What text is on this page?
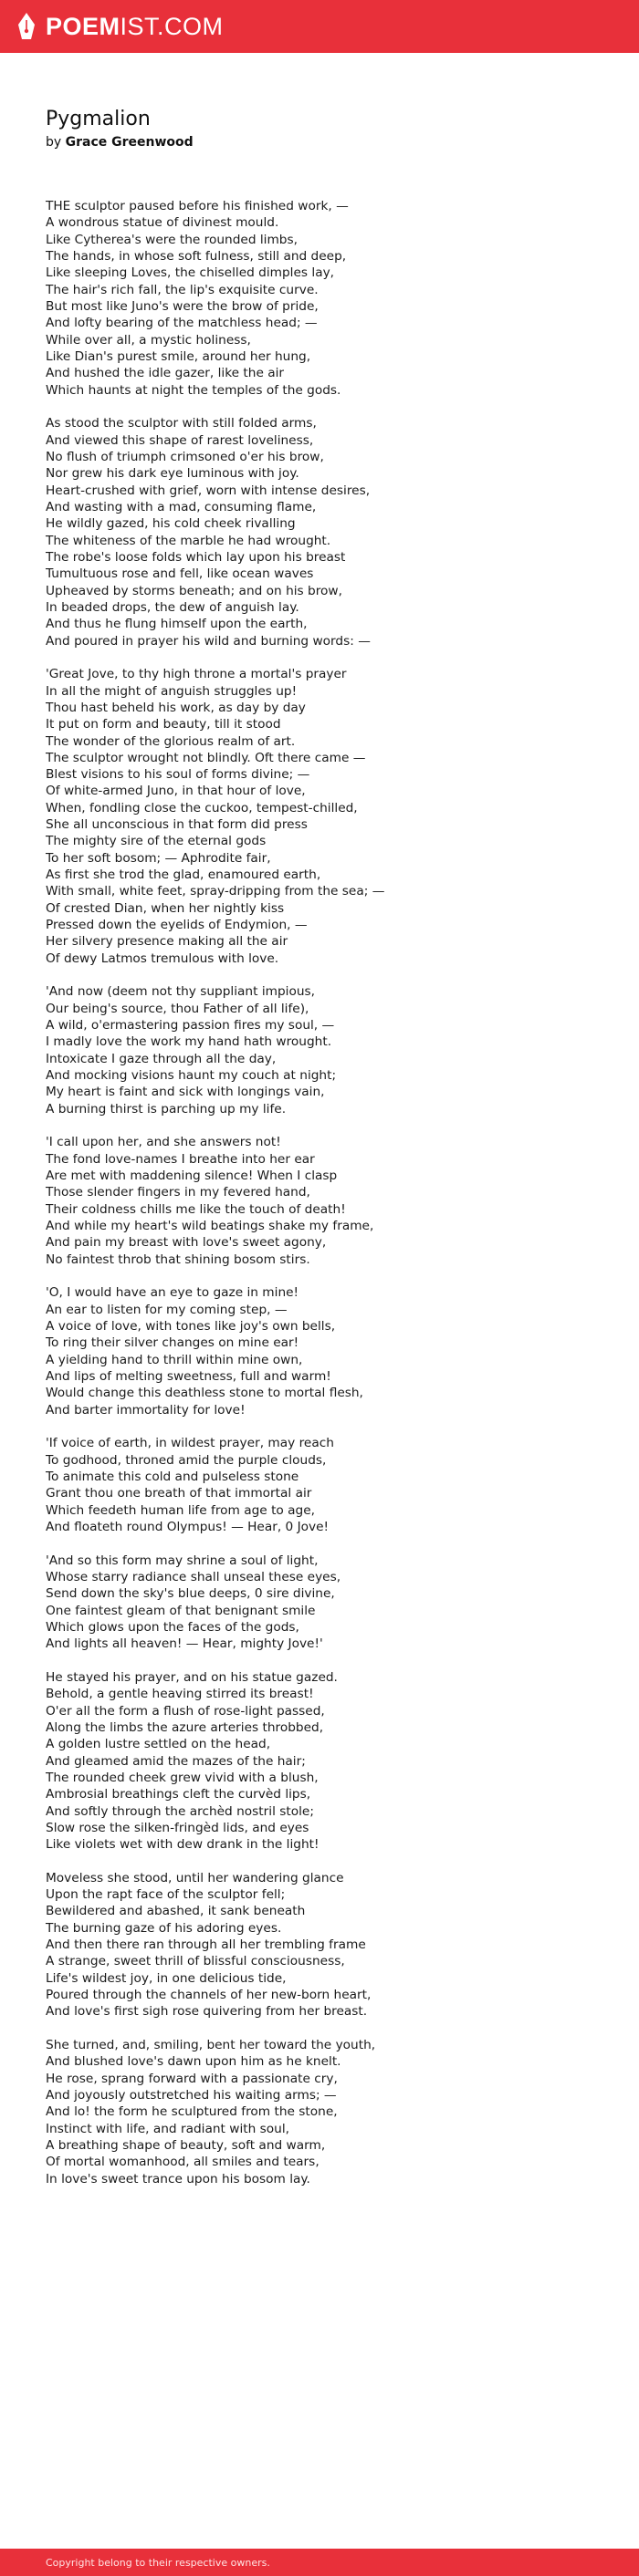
POEMIST.COM
Pygmalion
by Grace Greenwood
THE sculptor paused before his finished work, —
A wondrous statue of divinest mould.
Like Cytherea's were the rounded limbs,
The hands, in whose soft fulness, still and deep,
Like sleeping Loves, the chiselled dimples lay,
The hair's rich fall, the lip's exquisite curve.
But most like Juno's were the brow of pride,
And lofty bearing of the matchless head; —
While over all, a mystic holiness,
Like Dian's purest smile, around her hung,
And hushed the idle gazer, like the air
Which haunts at night the temples of the gods.
As stood the sculptor with still folded arms,
And viewed this shape of rarest loveliness,
No flush of triumph crimsoned o'er his brow,
Nor grew his dark eye luminous with joy.
Heart-crushed with grief, worn with intense desires,
And wasting with a mad, consuming flame,
He wildly gazed, his cold cheek rivalling
The whiteness of the marble he had wrought.
The robe's loose folds which lay upon his breast
Tumultuous rose and fell, like ocean waves
Upheaved by storms beneath; and on his brow,
In beaded drops, the dew of anguish lay.
And thus he flung himself upon the earth,
And poured in prayer his wild and burning words: —
'Great Jove, to thy high throne a mortal's prayer
In all the might of anguish struggles up!
Thou hast beheld his work, as day by day
It put on form and beauty, till it stood
The wonder of the glorious realm of art.
The sculptor wrought not blindly. Oft there came —
Blest visions to his soul of forms divine; —
Of white-armed Juno, in that hour of love,
When, fondling close the cuckoo, tempest-chilled,
She all unconscious in that form did press
The mighty sire of the eternal gods
To her soft bosom; — Aphrodite fair,
As first she trod the glad, enamoured earth,
With small, white feet, spray-dripping from the sea; —
Of crested Dian, when her nightly kiss
Pressed down the eyelids of Endymion, —
Her silvery presence making all the air
Of dewy Latmos tremulous with love.
'And now (deem not thy suppliant impious,
Our being's source, thou Father of all life),
A wild, o'ermastering passion fires my soul, —
I madly love the work my hand hath wrought.
Intoxicate I gaze through all the day,
And mocking visions haunt my couch at night;
My heart is faint and sick with longings vain,
A burning thirst is parching up my life.
'I call upon her, and she answers not!
The fond love-names I breathe into her ear
Are met with maddening silence! When I clasp
Those slender fingers in my fevered hand,
Their coldness chills me like the touch of death!
And while my heart's wild beatings shake my frame,
And pain my breast with love's sweet agony,
No faintest throb that shining bosom stirs.
'O, I would have an eye to gaze in mine!
An ear to listen for my coming step, —
A voice of love, with tones like joy's own bells,
To ring their silver changes on mine ear!
A yielding hand to thrill within mine own,
And lips of melting sweetness, full and warm!
Would change this deathless stone to mortal flesh,
And barter immortality for love!
'If voice of earth, in wildest prayer, may reach
To godhood, throned amid the purple clouds,
To animate this cold and pulseless stone
Grant thou one breath of that immortal air
Which feedeth human life from age to age,
And floateth round Olympus! — Hear, 0 Jove!
'And so this form may shrine a soul of light,
Whose starry radiance shall unseal these eyes,
Send down the sky's blue deeps, 0 sire divine,
One faintest gleam of that benignant smile
Which glows upon the faces of the gods,
And lights all heaven! — Hear, mighty Jove!'
He stayed his prayer, and on his statue gazed.
Behold, a gentle heaving stirred its breast!
O'er all the form a flush of rose-light passed,
Along the limbs the azure arteries throbbed,
A golden lustre settled on the head,
And gleamed amid the mazes of the hair;
The rounded cheek grew vivid with a blush,
Ambrosial breathings cleft the curvèd lips,
And softly through the archèd nostril stole;
Slow rose the silken-fringèd lids, and eyes
Like violets wet with dew drank in the light!
Moveless she stood, until her wandering glance
Upon the rapt face of the sculptor fell;
Bewildered and abashed, it sank beneath
The burning gaze of his adoring eyes.
And then there ran through all her trembling frame
A strange, sweet thrill of blissful consciousness,
Life's wildest joy, in one delicious tide,
Poured through the channels of her new-born heart,
And love's first sigh rose quivering from her breast.
She turned, and, smiling, bent her toward the youth,
And blushed love's dawn upon him as he knelt.
He rose, sprang forward with a passionate cry,
And joyously outstretched his waiting arms; —
And lo! the form he sculptured from the stone,
Instinct with life, and radiant with soul,
A breathing shape of beauty, soft and warm,
Of mortal womanhood, all smiles and tears,
In love's sweet trance upon his bosom lay.
Copyright belong to their respective owners.
